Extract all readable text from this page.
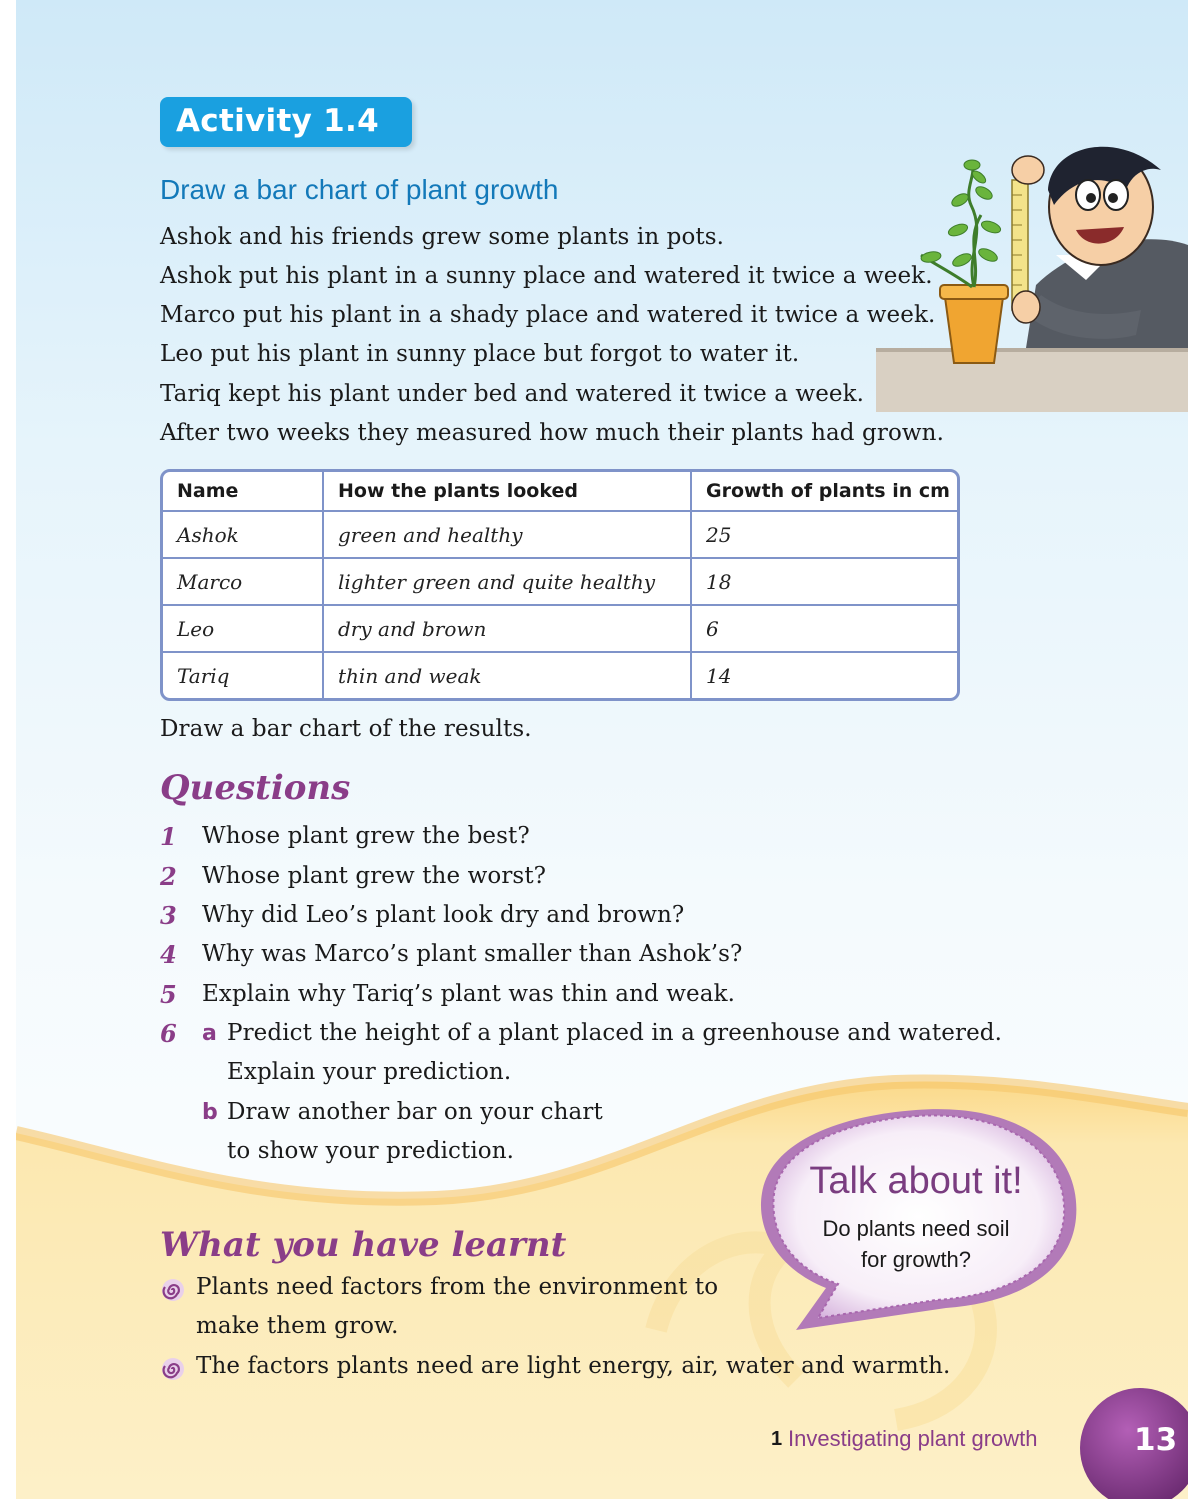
Activity 1.4
Draw a bar chart of plant growth
Ashok and his friends grew some plants in pots.
Ashok put his plant in a sunny place and watered it twice a week.
Marco put his plant in a shady place and watered it twice a week.
Leo put his plant in sunny place but forgot to water it.
Tariq kept his plant under bed and watered it twice a week.
After two weeks they measured how much their plants had grown.
Name	How the plants looked	Growth of plants in cm
Ashok	green and healthy	25
Marco	lighter green and quite healthy	18
Leo	dry and brown	6
Tariq	thin and weak	14
Draw a bar chart of the results.
Questions
1 Whose plant grew the best?
2 Whose plant grew the worst?
3 Why did Leo’s plant look dry and brown?
4 Why was Marco’s plant smaller than Ashok’s?
5 Explain why Tariq’s plant was thin and weak.
6 a Predict the height of a plant placed in a greenhouse and watered.
Explain your prediction.
b Draw another bar on your chart
to show your prediction.
Talk about it!
Do plants need soil
for growth?
What you have learnt
Plants need factors from the environment to
make them grow.
The factors plants need are light energy, air, water and warmth.
1 Investigating plant growth	13
